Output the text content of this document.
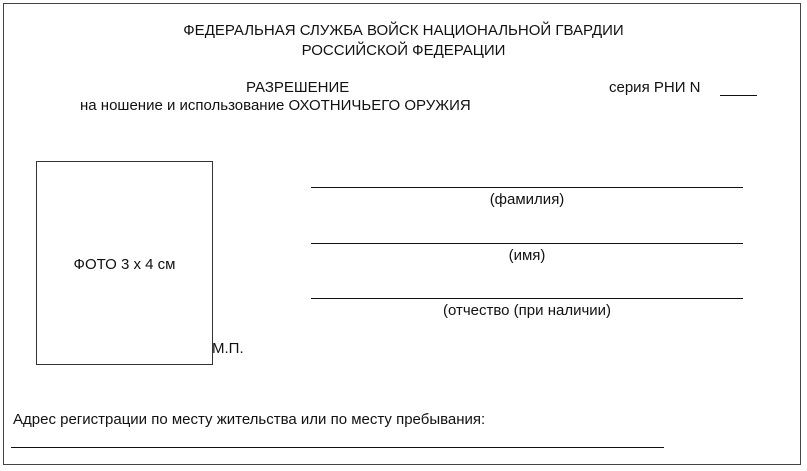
ФЕДЕРАЛЬНАЯ СЛУЖБА ВОЙСК НАЦИОНАЛЬНОЙ ГВАРДИИ
РОССИЙСКОЙ ФЕДЕРАЦИИ
РАЗРЕШЕНИЕ
на ношение и использование ОХОТНИЧЬЕГО ОРУЖИЯ
серия РНИ N
ФОТО 3 х 4 см
М.П.
(фамилия)
(имя)
(отчество (при наличии)
Адрес регистрации по месту жительства или по месту пребывания:
